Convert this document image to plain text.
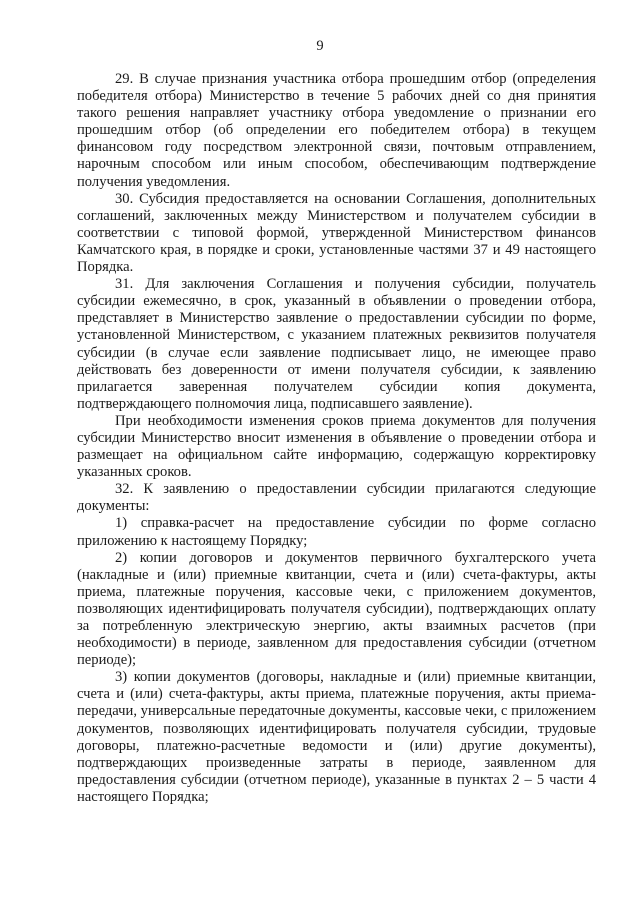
9

29. В случае признания участника отбора прошедшим отбор (определения победителя отбора) Министерство в течение 5 рабочих дней со дня принятия такого решения направляет участнику отбора уведомление о признании его прошедшим отбор (об определении его победителем отбора) в текущем финансовом году посредством электронной связи, почтовым отправлением, нарочным способом или иным способом, обеспечивающим подтверждение получения уведомления.

30. Субсидия предоставляется на основании Соглашения, дополнительных соглашений, заключенных между Министерством и получателем субсидии в соответствии с типовой формой, утвержденной Министерством финансов Камчатского края, в порядке и сроки, установленные частями 37 и 49 настоящего Порядка.

31. Для заключения Соглашения и получения субсидии, получатель субсидии ежемесячно, в срок, указанный в объявлении о проведении отбора, представляет в Министерство заявление о предоставлении субсидии по форме, установленной Министерством, с указанием платежных реквизитов получателя субсидии (в случае если заявление подписывает лицо, не имеющее право действовать без доверенности от имени получателя субсидии, к заявлению прилагается заверенная получателем субсидии копия документа, подтверждающего полномочия лица, подписавшего заявление).

При необходимости изменения сроков приема документов для получения субсидии Министерство вносит изменения в объявление о проведении отбора и размещает на официальном сайте информацию, содержащую корректировку указанных сроков.

32. К заявлению о предоставлении субсидии прилагаются следующие документы:

1) справка-расчет на предоставление субсидии по форме согласно приложению к настоящему Порядку;

2) копии договоров и документов первичного бухгалтерского учета (накладные и (или) приемные квитанции, счета и (или) счета-фактуры, акты приема, платежные поручения, кассовые чеки, с приложением документов, позволяющих идентифицировать получателя субсидии), подтверждающих оплату за потребленную электрическую энергию, акты взаимных расчетов (при необходимости) в периоде, заявленном для предоставления субсидии (отчетном периоде);

3) копии документов (договоры, накладные и (или) приемные квитанции, счета и (или) счета-фактуры, акты приема, платежные поручения, акты приема-передачи, универсальные передаточные документы, кассовые чеки, с приложением документов, позволяющих идентифицировать получателя субсидии, трудовые договоры, платежно-расчетные ведомости и (или) другие документы), подтверждающих произведенные затраты в периоде, заявленном для предоставления субсидии (отчетном периоде), указанные в пунктах 2 – 5 части 4 настоящего Порядка;
